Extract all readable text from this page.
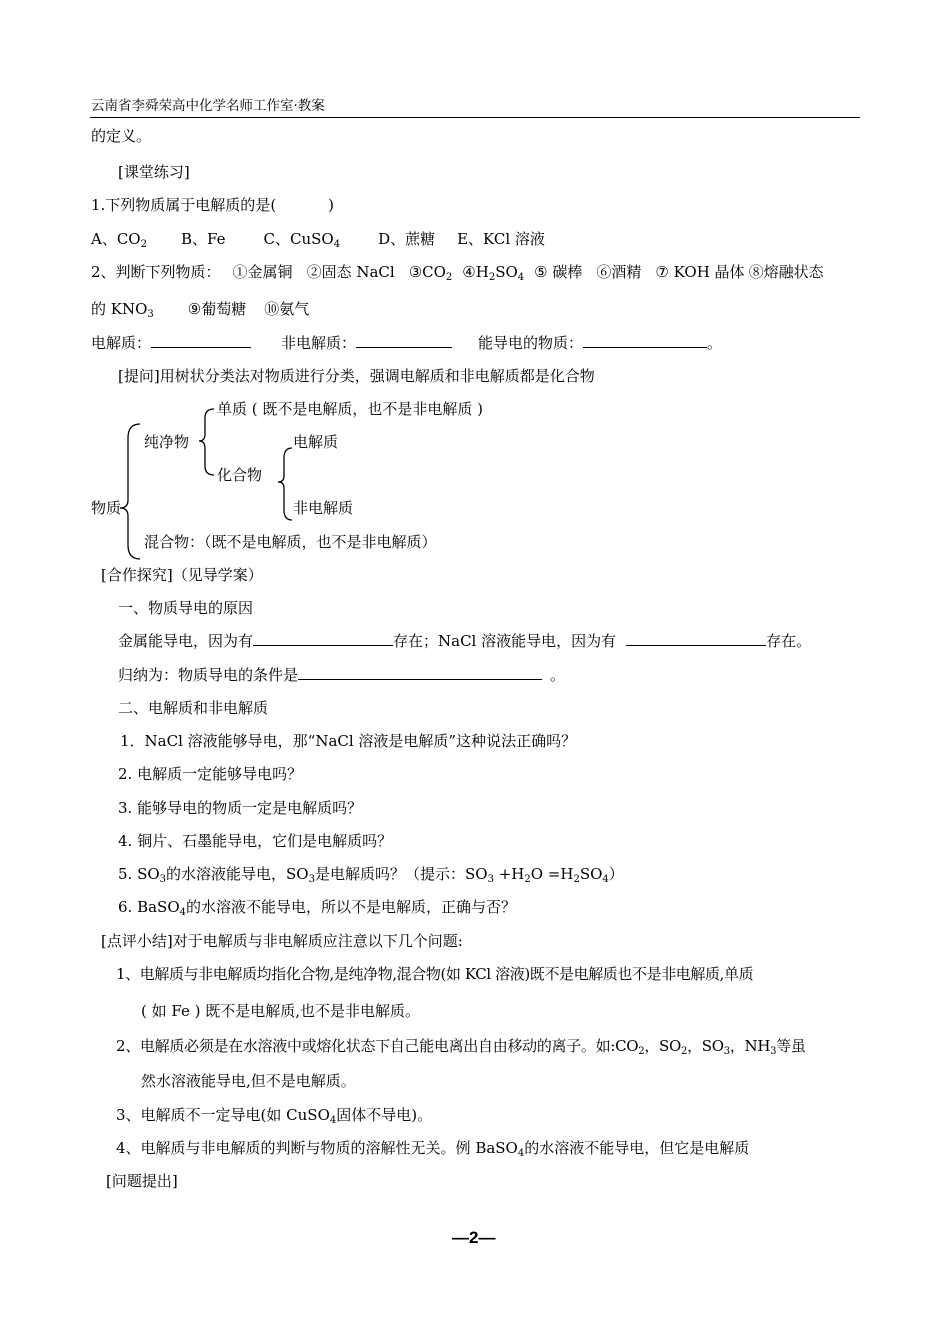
云南省李舜荣高中化学名师工作室·教案
的定义。
[课堂练习]
1.下列物质属于电解质的是(	)
A、$CO_2$ B、Fe	C、CuSO$_4$	D、蔗糖 E、KCl 溶液
2、判断下列物质： ①金属铜 ②固态 NaCl $③CO_2$ $④H_2SO_4$ ⑤ 碳棒 ⑥酒精 ⑦ KOH 晶体 ⑧熔融状态
的 $KNO_3$ ⑨葡萄糖 ⑩氨气
电解质：	非电解质：	能导电的物质：	。
[提问]用树状分类法对物质进行分类，强调电解质和非电解质都是化合物
单质 ( 既不是电解质，也不是非电解质 )
纯净物	电解质
化合物
物质	非电解质
混合物：（既不是电解质，也不是非电解质）
[合作探究]（见导学案）
一、物质导电的原因
金属能导电，因为有	存在；NaCl 溶液能导电，因为有	存在。
归纳为：物质导电的条件是	。
二、电解质和非电解质
1．NaCl 溶液能够导电，那“NaCl 溶液是电解质”这种说法正确吗？
2. 电解质一定能够导电吗？
3. 能够导电的物质一定是电解质吗？
4. 铜片、石墨能导电，它们是电解质吗？
5. $SO_3$的水溶液能导电，$SO_3$是电解质吗？（提示：$SO_3 +H_2O =H_2SO_4$）
6. BaSO$_4$的水溶液不能导电，所以不是电解质，正确与否？
[点评小结]对于电解质与非电解质应注意以下几个问题:
1、电解质与非电解质均指化合物,是纯净物,混合物(如 KCl 溶液)既不是电解质也不是非电解质,单质
( 如 Fe ) 既不是电解质,也不是非电解质。
2、电解质必须是在水溶液中或熔化状态下自己能电离出自由移动的离子。如$:CO_2$，$SO_2$，$SO_3$，$NH_3$等虽
然水溶液能导电,但不是电解质。
3、电解质不一定导电(如 CuSO$_4$固体不导电)。
4、电解质与非电解质的判断与物质的溶解性无关。例 BaSO$_4$的水溶液不能导电，但它是电解质
[问题提出]
—2—
